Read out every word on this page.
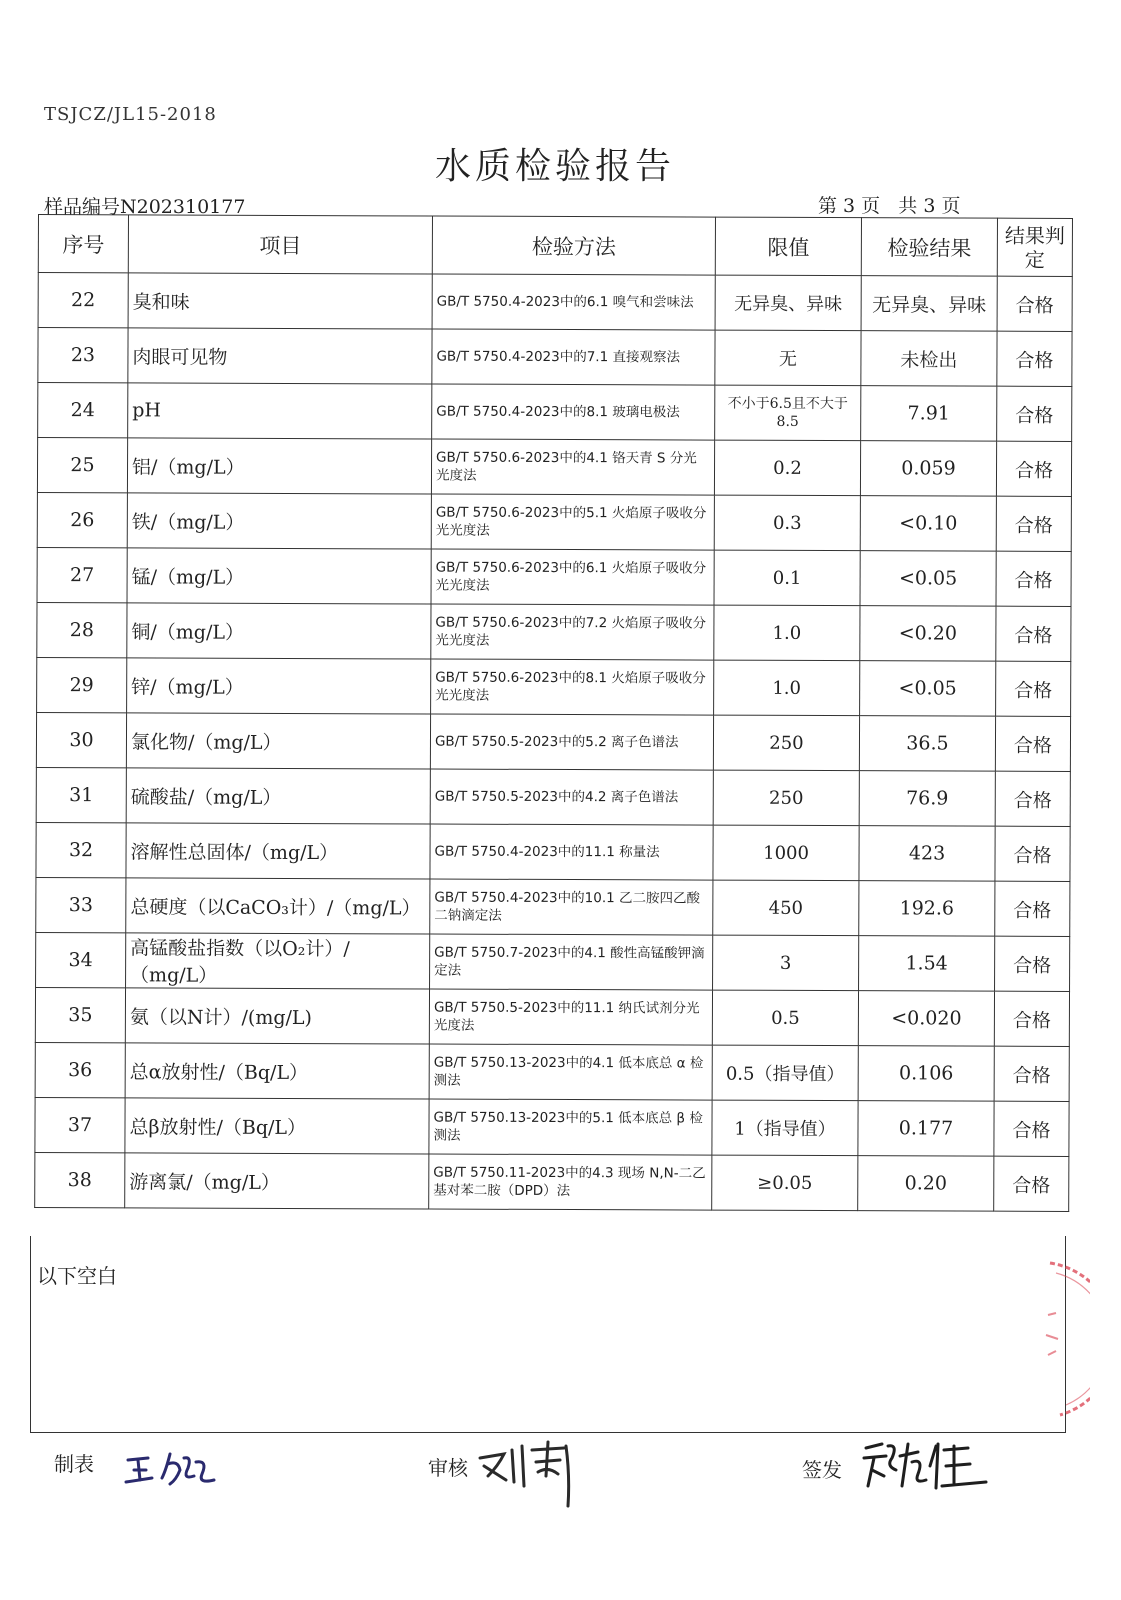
TSJCZ/JL15-2018
水质检验报告
样品编号N202310177	第 3 页   共 3 页
序号	项目	检验方法	限值	检验结果	结果判定
22	臭和味	GB/T 5750.4-2023中的6.1 嗅气和尝味法	无异臭、异味	无异臭、异味	合格
23	肉眼可见物	GB/T 5750.4-2023中的7.1 直接观察法	无	未检出	合格
24	pH	GB/T 5750.4-2023中的8.1 玻璃电极法	不小于6.5且不大于8.5	7.91	合格
25	铝/（mg/L）	GB/T 5750.6-2023中的4.1 铬天青 S 分光光度法	0.2	0.059	合格
26	铁/（mg/L）	GB/T 5750.6-2023中的5.1 火焰原子吸收分光光度法	0.3	<0.10	合格
27	锰/（mg/L）	GB/T 5750.6-2023中的6.1 火焰原子吸收分光光度法	0.1	<0.05	合格
28	铜/（mg/L）	GB/T 5750.6-2023中的7.2 火焰原子吸收分光光度法	1.0	<0.20	合格
29	锌/（mg/L）	GB/T 5750.6-2023中的8.1 火焰原子吸收分光光度法	1.0	<0.05	合格
30	氯化物/（mg/L）	GB/T 5750.5-2023中的5.2 离子色谱法	250	36.5	合格
31	硫酸盐/（mg/L）	GB/T 5750.5-2023中的4.2 离子色谱法	250	76.9	合格
32	溶解性总固体/（mg/L）	GB/T 5750.4-2023中的11.1 称量法	1000	423	合格
33	总硬度（以CaCO₃计）/（mg/L）	GB/T 5750.4-2023中的10.1 乙二胺四乙酸二钠滴定法	450	192.6	合格
34	高锰酸盐指数（以O₂计）/（mg/L）	GB/T 5750.7-2023中的4.1 酸性高锰酸钾滴定法	3	1.54	合格
35	氨（以N计）/(mg/L)	GB/T 5750.5-2023中的11.1 纳氏试剂分光光度法	0.5	<0.020	合格
36	总α放射性/（Bq/L）	GB/T 5750.13-2023中的4.1 低本底总 α 检测法	0.5（指导值）	0.106	合格
37	总β放射性/（Bq/L）	GB/T 5750.13-2023中的5.1 低本底总 β 检测法	1（指导值）	0.177	合格
38	游离氯/（mg/L）	GB/T 5750.11-2023中的4.3 现场 N,N-二乙基对苯二胺（DPD）法	≥0.05	0.20	合格
以下空白
制表	审核	签发
